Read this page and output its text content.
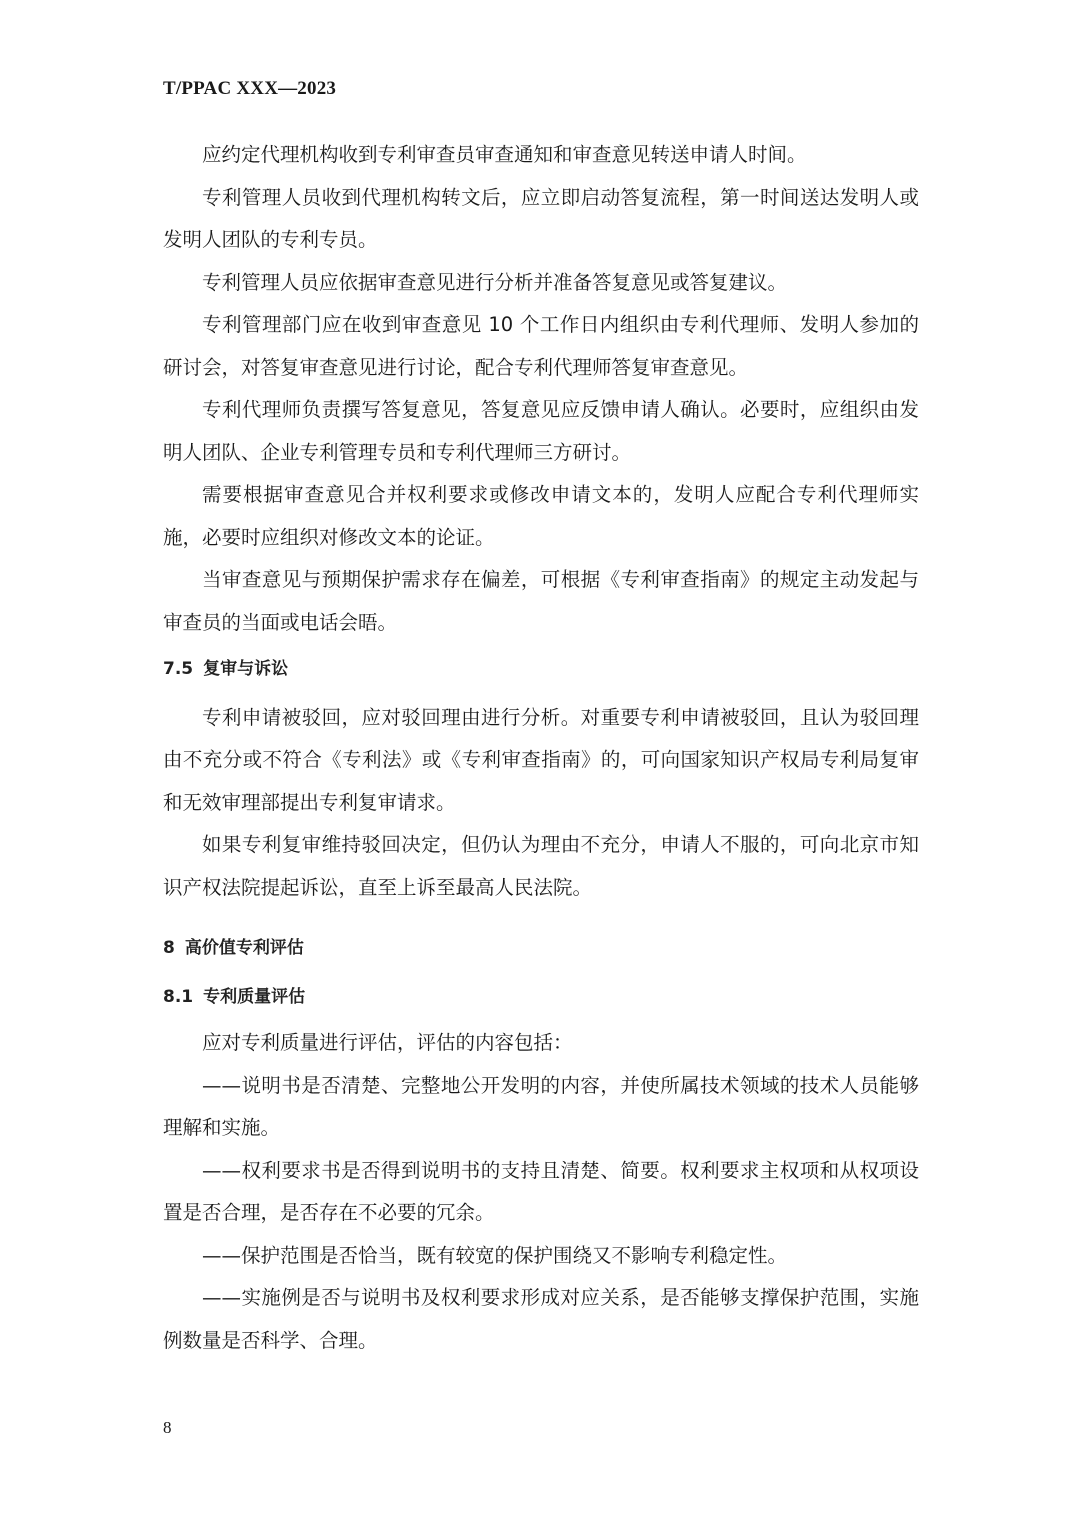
T/PPAC XXX—2023

应约定代理机构收到专利审查员审查通知和审查意见转送申请人时间。

专利管理人员收到代理机构转文后，应立即启动答复流程，第一时间送达发明人或发明人团队的专利专员。

专利管理人员应依据审查意见进行分析并准备答复意见或答复建议。

专利管理部门应在收到审查意见 10 个工作日内组织由专利代理师、发明人参加的研讨会，对答复审查意见进行讨论，配合专利代理师答复审查意见。

专利代理师负责撰写答复意见，答复意见应反馈申请人确认。必要时，应组织由发明人团队、企业专利管理专员和专利代理师三方研讨。

需要根据审查意见合并权利要求或修改申请文本的，发明人应配合专利代理师实施，必要时应组织对修改文本的论证。

当审查意见与预期保护需求存在偏差，可根据《专利审查指南》的规定主动发起与审查员的当面或电话会晤。

7.5 复审与诉讼

专利申请被驳回，应对驳回理由进行分析。对重要专利申请被驳回，且认为驳回理由不充分或不符合《专利法》或《专利审查指南》的，可向国家知识产权局专利局复审和无效审理部提出专利复审请求。

如果专利复审维持驳回决定，但仍认为理由不充分，申请人不服的，可向北京市知识产权法院提起诉讼，直至上诉至最高人民法院。

8 高价值专利评估

8.1 专利质量评估

应对专利质量进行评估，评估的内容包括：

——说明书是否清楚、完整地公开发明的内容，并使所属技术领域的技术人员能够理解和实施。

——权利要求书是否得到说明书的支持且清楚、简要。权利要求主权项和从权项设置是否合理，是否存在不必要的冗余。

——保护范围是否恰当，既有较宽的保护围绕又不影响专利稳定性。

——实施例是否与说明书及权利要求形成对应关系，是否能够支撑保护范围，实施例数量是否科学、合理。

8
